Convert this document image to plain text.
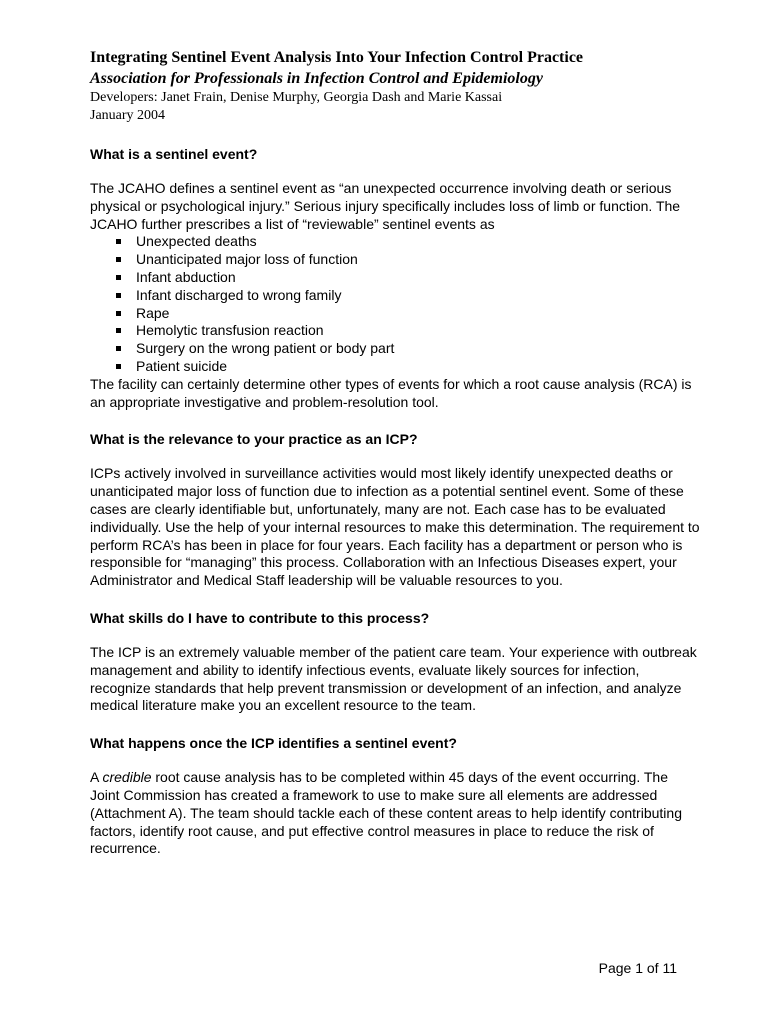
Integrating Sentinel Event Analysis Into Your Infection Control Practice

Association for Professionals in Infection Control and Epidemiology

Developers: Janet Frain, Denise Murphy, Georgia Dash and Marie Kassai

January 2004

What is a sentinel event?

The JCAHO defines a sentinel event as “an unexpected occurrence involving death or serious physical or psychological injury.” Serious injury specifically includes loss of limb or function. The JCAHO further prescribes a list of “reviewable” sentinel events as

Unexpected deaths
Unanticipated major loss of function
Infant abduction
Infant discharged to wrong family
Rape
Hemolytic transfusion reaction
Surgery on the wrong patient or body part
Patient suicide

The facility can certainly determine other types of events for which a root cause analysis (RCA) is an appropriate investigative and problem-resolution tool.

What is the relevance to your practice as an ICP?

ICPs actively involved in surveillance activities would most likely identify unexpected deaths or unanticipated major loss of function due to infection as a potential sentinel event. Some of these cases are clearly identifiable but, unfortunately, many are not. Each case has to be evaluated individually. Use the help of your internal resources to make this determination. The requirement to perform RCA’s has been in place for four years. Each facility has a department or person who is responsible for “managing” this process. Collaboration with an Infectious Diseases expert, your Administrator and Medical Staff leadership will be valuable resources to you.

What skills do I have to contribute to this process?

The ICP is an extremely valuable member of the patient care team. Your experience with outbreak management and ability to identify infectious events, evaluate likely sources for infection, recognize standards that help prevent transmission or development of an infection, and analyze medical literature make you an excellent resource to the team.

What happens once the ICP identifies a sentinel event?

A credible root cause analysis has to be completed within 45 days of the event occurring. The Joint Commission has created a framework to use to make sure all elements are addressed (Attachment A). The team should tackle each of these content areas to help identify contributing factors, identify root cause, and put effective control measures in place to reduce the risk of recurrence.

Page 1 of 11
